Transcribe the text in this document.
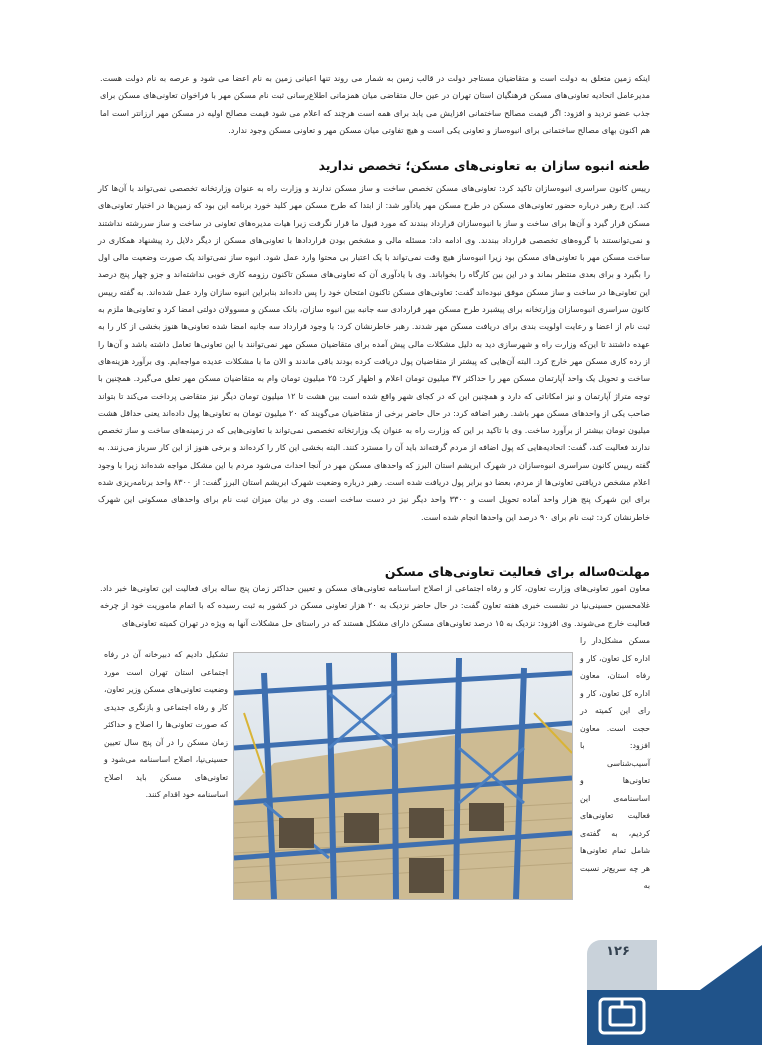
اینکه زمین متعلق به دولت است و متقاضیان مستاجر دولت در قالب زمین به شمار می روند تنها اعیانی زمین به نام اعضا می شود و عرصه به نام دولت هست. مدیرعامل اتحادیه تعاونی‌های مسکن فرهنگیان استان تهران در عین حال متقاضی میان همزمانی اطلاع‌رسانی ثبت نام مسکن مهر با فراخوان تعاونی‌های مسکن برای جذب عضو تردید و افزود: اگر قیمت مصالح ساختمانی افزایش می یابد برای همه است هرچند که اعلام می شود قیمت مصالح اولیه در مسکن مهر ارزانتر است اما هم اکنون بهای مصالح ساختمانی برای انبوه‌ساز و تعاونی یکی است و هیچ تفاوتی میان مسکن مهر و تعاونی مسکن وجود ندارد.

طعنه انبوه سازان به تعاونی‌های مسکن؛ تخصص ندارید

رییس کانون سراسری انبوه‌سازان تاکید کرد: تعاونی‌های مسکن تخصص ساخت و ساز مسکن ندارند و وزارت راه به عنوان وزارتخانه تخصصی نمی‌تواند با آن‌ها کار کند. ایرج رهبر درباره حضور تعاونی‌های مسکن در طرح مسکن مهر یادآور شد: از ابتدا که طرح مسکن مهر کلید خورد برنامه این بود که زمین‌ها در اختیار تعاونی‌های مسکن قرار گیرد و آن‌ها برای ساخت و ساز با انبوه‌سازان قرارداد ببندند که مورد قبول ما قرار نگرفت زیرا هیات مدیره‌های تعاونی در ساخت و ساز سررشته نداشتند و نمی‌توانستند با گروه‌های تخصصی قرارداد ببندند. وی ادامه داد: مسئله مالی و مشخص بودن قراردادها با تعاونی‌های مسکن از دیگر دلایل رد پیشنهاد همکاری در ساخت مسکن مهر با تعاونی‌های مسکن بود زیرا انبوه‌ساز هیچ وقت نمی‌تواند با یک اعتبار بی محتوا وارد عمل شود. انبوه ساز نمی‌تواند یک صورت وضعیت مالی اول را بگیرد و برای بعدی منتظر بماند و در این بین کارگاه را بخواباند. وی با یادآوری آن که تعاونی‌های مسکن تاکنون رزومه کاری خوبی نداشته‌اند و جزو چهار پنج درصد این تعاونی‌ها در ساخت و ساز مسکن موفق نبوده‌اند گفت: تعاونی‌های مسکن تاکنون امتحان خود را پس داده‌اند بنابراین انبوه سازان وارد عمل شده‌اند. به گفته رییس کانون سراسری انبوه‌سازان وزارتخانه برای پیشبرد طرح مسکن مهر قراردادی سه جانبه بین انبوه سازان، بانک مسکن و مسوولان دولتی امضا کرد و تعاونی‌ها ملزم به ثبت نام از اعضا و رعایت اولویت بندی برای دریافت مسکن مهر شدند. رهبر خاطرنشان کرد: با وجود قرارداد سه جانبه امضا شده تعاونی‌ها هنوز بخشی از کار را به عهده داشتند تا این‌که وزارت راه و شهرسازی دید به دلیل مشکلات مالی پیش آمده برای متقاضیان مسکن مهر نمی‌توانند با این تعاونی‌ها تعامل داشته باشد و آن‌ها را از رده کاری مسکن مهر خارج کرد. البته آن‌هایی که پیشتر از متقاضیان پول دریافت کرده بودند باقی ماندند و الان ما با مشکلات عدیده مواجه‌ایم. وی برآورد هزینه‌های ساخت و تحویل یک واحد آپارتمان مسکن مهر را حداکثر ۳۷ میلیون تومان اعلام و اظهار کرد: ۲۵ میلیون تومان وام به متقاضیان مسکن مهر تعلق می‌گیرد. همچنین با توجه متراژ آپارتمان و نیز امکاناتی که دارد و همچنین این که در کجای شهر واقع شده است بین هشت تا ۱۲ میلیون تومان دیگر نیز متقاضی پرداخت می‌کند تا بتواند صاحب یکی از واحدهای مسکن مهر باشد. رهبر اضافه کرد: در حال حاضر برخی از متقاضیان می‌گویند که ۲۰ میلیون تومان به تعاونی‌ها پول داده‌اند یعنی حداقل هشت میلیون تومان بیشتر از برآورد ساخت. وی با تاکید بر این که وزارت راه به عنوان یک وزارتخانه تخصصی نمی‌تواند با تعاونی‌هایی که در زمینه‌های ساخت و ساز تخصص ندارند فعالیت کند، گفت: اتحادیه‌هایی که پول اضافه از مردم گرفته‌اند باید آن را مسترد کنند. البته بخشی این کار را کرده‌اند و برخی هنوز از این کار سرباز می‌زنند. به گفته رییس کانون سراسری انبوه‌سازان در شهرک ابریشم استان البرز که واحدهای مسکن مهر در آنجا احداث می‌شود مردم با این مشکل مواجه شده‌اند زیرا با وجود اعلام مشخص دریافتی تعاونی‌ها از مردم، بعضا دو برابر پول دریافت شده است. رهبر درباره وضعیت شهرک ابریشم استان البرز گفت: از ۸۳۰۰ واحد برنامه‌ریزی شده برای این شهرک پنج هزار واحد آماده تحویل است و ۳۳۰۰ واحد دیگر نیز در دست ساخت است. وی در بیان میزان ثبت نام برای واحدهای مسکونی این شهرک خاطرنشان کرد: ثبت نام برای ۹۰ درصد این واحدها انجام شده است.

مهلت۵ساله برای فعالیت تعاونی‌های مسکن

معاون امور تعاونی‌های وزارت تعاون، کار و رفاه اجتماعی از اصلاح اساسنامه تعاونی‌های مسکن و تعیین حداکثر زمان پنج ساله برای فعالیت این تعاونی‌ها خبر داد. غلامحسین حسینی‌نیا در نشست خبری هفته تعاون گفت: در حال حاضر نزدیک به ۲۰ هزار تعاونی مسکن در کشور به ثبت رسیده که با اتمام ماموریت خود از چرخه فعالیت خارج می‌شوند. وی افزود: نزدیک به ۱۵ درصد تعاونی‌های مسکن دارای مشکل هستند که در راستای حل مشکلات آنها به ویژه در تهران کمیته تعاونی‌های

مسکن مشکل‌دار را اداره کل تعاون، کار و رفاه استان، معاون اداره کل تعاون، کار و رای این کمیته در حجت است. معاون افزود: با آسیب‌شناسی تعاونی‌ها و اساسنامه‌ی این فعالیت تعاونی‌های کردیم، به گفته‌ی شامل تمام تعاونی‌ها هر چه سریع‌تر نسبت به

تشکیل دادیم که دبیرخانه آن در رفاه اجتماعی استان تهران است مورد وضعیت تعاونی‌های مسکن وزیر تعاون، کار و رفاه اجتماعی و بازنگری جدیدی که صورت تعاونی‌ها را اصلاح و حداکثر زمان مسکن را در آن پنج سال تعیین حسینی‌نیا، اصلاح اساسنامه می‌شود و تعاونی‌های مسکن باید اصلاح اساسنامه خود اقدام کنند.

۱۲۶
